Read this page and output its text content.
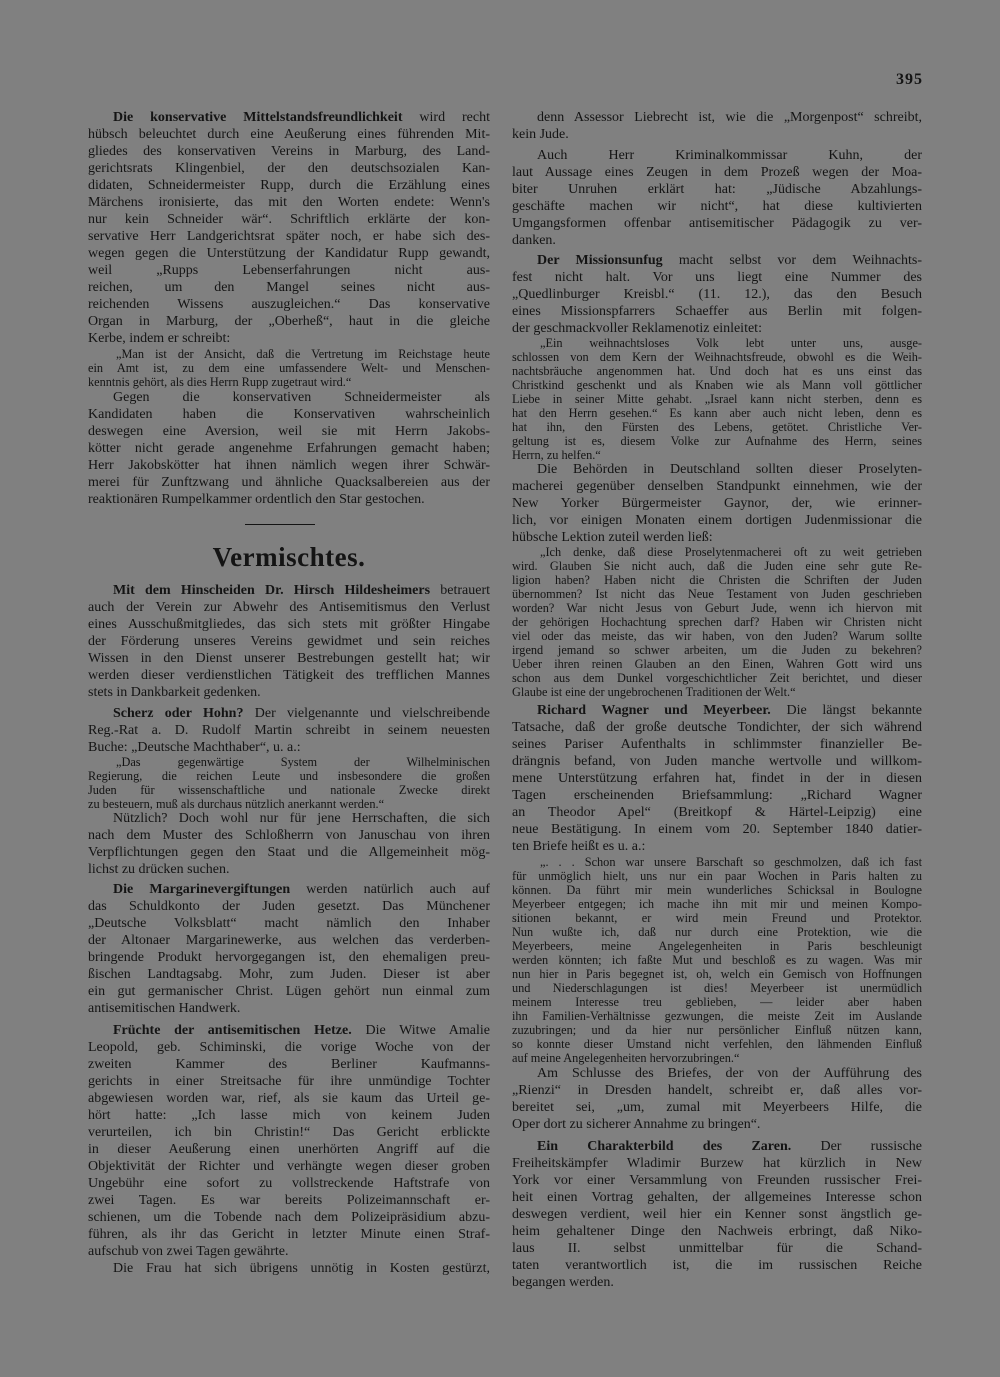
395
Die konservative Mittelstandsfreundlichkeit wird recht
hübsch beleuchtet durch eine Aeußerung eines führenden Mit-
gliedes des konservativen Vereins in Marburg, des Land-
gerichtsrats Klingenbiel, der den deutschsozialen Kan-
didaten, Schneidermeister Rupp, durch die Erzählung eines
Märchens ironisierte, das mit den Worten endete: Wenn's
nur kein Schneider wär“. Schriftlich erklärte der kon-
servative Herr Landgerichtsrat später noch, er habe sich des-
wegen gegen die Unterstützung der Kandidatur Rupp gewandt,
weil „Rupps Lebenserfahrungen nicht aus-
reichen, um den Mangel seines nicht aus-
reichenden Wissens auszugleichen.“ Das konservative
Organ in Marburg, der „Oberheß“, haut in die gleiche
Kerbe, indem er schreibt:
„Man ist der Ansicht, daß die Vertretung im Reichstage heute
ein Amt ist, zu dem eine umfassendere Welt- und Menschen-
kenntnis gehört, als dies Herrn Rupp zugetraut wird.“
Gegen die konservativen Schneidermeister als
Kandidaten haben die Konservativen wahrscheinlich
deswegen eine Aversion, weil sie mit Herrn Jakobs-
kötter nicht gerade angenehme Erfahrungen gemacht haben;
Herr Jakobskötter hat ihnen nämlich wegen ihrer Schwär-
merei für Zunftzwang und ähnliche Quacksalbereien aus der
reaktionären Rumpelkammer ordentlich den Star gestochen.
Vermischtes.
Mit dem Hinscheiden Dr. Hirsch Hildesheimers betrauert
auch der Verein zur Abwehr des Antisemitismus den Verlust
eines Ausschußmitgliedes, das sich stets mit größter Hingabe
der Förderung unseres Vereins gewidmet und sein reiches
Wissen in den Dienst unserer Bestrebungen gestellt hat; wir
werden dieser verdienstlichen Tätigkeit des trefflichen Mannes
stets in Dankbarkeit gedenken.
Scherz oder Hohn? Der vielgenannte und vielschreibende
Reg.-Rat a. D. Rudolf Martin schreibt in seinem neuesten
Buche: „Deutsche Machthaber“, u. a.:
„Das gegenwärtige System der Wilhelminischen
Regierung, die reichen Leute und insbesondere die großen
Juden für wissenschaftliche und nationale Zwecke direkt
zu besteuern, muß als durchaus nützlich anerkannt werden.“
Nützlich? Doch wohl nur für jene Herrschaften, die sich
nach dem Muster des Schloßherrn von Januschau von ihren
Verpflichtungen gegen den Staat und die Allgemeinheit mög-
lichst zu drücken suchen.
Die Margarinevergiftungen werden natürlich auch auf
das Schuldkonto der Juden gesetzt. Das Münchener
„Deutsche Volksblatt“ macht nämlich den Inhaber
der Altonaer Margarinewerke, aus welchen das verderben-
bringende Produkt hervorgegangen ist, den ehemaligen preu-
ßischen Landtagsabg. Mohr, zum Juden. Dieser ist aber
ein gut germanischer Christ. Lügen gehört nun einmal zum
antisemitischen Handwerk.
Früchte der antisemitischen Hetze. Die Witwe Amalie
Leopold, geb. Schiminski, die vorige Woche von der
zweiten Kammer des Berliner Kaufmanns-
gerichts in einer Streitsache für ihre unmündige Tochter
abgewiesen worden war, rief, als sie kaum das Urteil ge-
hört hatte: „Ich lasse mich von keinem Juden
verurteilen, ich bin Christin!“ Das Gericht erblickte
in dieser Aeußerung einen unerhörten Angriff auf die
Objektivität der Richter und verhängte wegen dieser groben
Ungebühr eine sofort zu vollstreckende Haftstrafe von
zwei Tagen. Es war bereits Polizeimannschaft er-
schienen, um die Tobende nach dem Polizeipräsidium abzu-
führen, als ihr das Gericht in letzter Minute einen Straf-
aufschub von zwei Tagen gewährte.
Die Frau hat sich übrigens unnötig in Kosten gestürzt,
denn Assessor Liebrecht ist, wie die „Morgenpost“ schreibt,
kein Jude.
Auch Herr Kriminalkommissar Kuhn, der
laut Aussage eines Zeugen in dem Prozeß wegen der Moa-
biter Unruhen erklärt hat: „Jüdische Abzahlungs-
geschäfte machen wir nicht“, hat diese kultivierten
Umgangsformen offenbar antisemitischer Pädagogik zu ver-
danken.
Der Missionsunfug macht selbst vor dem Weihnachts-
fest nicht halt. Vor uns liegt eine Nummer des
„Quedlinburger Kreisbl.“ (11. 12.), das den Besuch
eines Missionspfarrers Schaeffer aus Berlin mit folgen-
der geschmackvoller Reklamenotiz einleitet:
„Ein weihnachtsloses Volk lebt unter uns, ausge-
schlossen von dem Kern der Weihnachtsfreude, obwohl es die Weih-
nachtsbräuche angenommen hat. Und doch hat es uns einst das
Christkind geschenkt und als Knaben wie als Mann voll göttlicher
Liebe in seiner Mitte gehabt. „Israel kann nicht sterben, denn es
hat den Herrn gesehen.“ Es kann aber auch nicht leben, denn es
hat ihn, den Fürsten des Lebens, getötet. Christliche Ver-
geltung ist es, diesem Volke zur Aufnahme des Herrn, seines
Herrn, zu helfen.“
Die Behörden in Deutschland sollten dieser Proselyten-
macherei gegenüber denselben Standpunkt einnehmen, wie der
New Yorker Bürgermeister Gaynor, der, wie erinner-
lich, vor einigen Monaten einem dortigen Judenmissionar die
hübsche Lektion zuteil werden ließ:
„Ich denke, daß diese Proselytenmacherei oft zu weit getrieben
wird. Glauben Sie nicht auch, daß die Juden eine sehr gute Re-
ligion haben? Haben nicht die Christen die Schriften der Juden
übernommen? Ist nicht das Neue Testament von Juden geschrieben
worden? War nicht Jesus von Geburt Jude, wenn ich hiervon mit
der gehörigen Hochachtung sprechen darf? Haben wir Christen nicht
viel oder das meiste, das wir haben, von den Juden? Warum sollte
irgend jemand so schwer arbeiten, um die Juden zu bekehren?
Ueber ihren reinen Glauben an den Einen, Wahren Gott wird uns
schon aus dem Dunkel vorgeschichtlicher Zeit berichtet, und dieser
Glaube ist eine der ungebrochenen Traditionen der Welt.“
Richard Wagner und Meyerbeer. Die längst bekannte
Tatsache, daß der große deutsche Tondichter, der sich während
seines Pariser Aufenthalts in schlimmster finanzieller Be-
drängnis befand, von Juden manche wertvolle und willkom-
mene Unterstützung erfahren hat, findet in der in diesen
Tagen erscheinenden Briefsammlung: „Richard Wagner
an Theodor Apel“ (Breitkopf & Härtel-Leipzig) eine
neue Bestätigung. In einem vom 20. September 1840 datier-
ten Briefe heißt es u. a.:
„. . . Schon war unsere Barschaft so geschmolzen, daß ich fast
für unmöglich hielt, uns nur ein paar Wochen in Paris halten zu
können. Da führt mir mein wunderliches Schicksal in Boulogne
Meyerbeer entgegen; ich mache ihn mit mir und meinen Kompo-
sitionen bekannt, er wird mein Freund und Protektor.
Nun wußte ich, daß nur durch eine Protektion, wie die
Meyerbeers, meine Angelegenheiten in Paris beschleunigt
werden könnten; ich faßte Mut und beschloß es zu wagen. Was mir
nun hier in Paris begegnet ist, oh, welch ein Gemisch von Hoffnungen
und Niederschlagungen ist dies! Meyerbeer ist unermüdlich
meinem Interesse treu geblieben, — leider aber haben
ihn Familien-Verhältnisse gezwungen, die meiste Zeit im Auslande
zuzubringen; und da hier nur persönlicher Einfluß nützen kann,
so konnte dieser Umstand nicht verfehlen, den lähmenden Einfluß
auf meine Angelegenheiten hervorzubringen.“
Am Schlusse des Briefes, der von der Aufführung des
„Rienzi“ in Dresden handelt, schreibt er, daß alles vor-
bereitet sei, „um, zumal mit Meyerbeers Hilfe, die
Oper dort zu sicherer Annahme zu bringen“.
Ein Charakterbild des Zaren. Der russische
Freiheitskämpfer Wladimir Burzew hat kürzlich in New
York vor einer Versammlung von Freunden russischer Frei-
heit einen Vortrag gehalten, der allgemeines Interesse schon
deswegen verdient, weil hier ein Kenner sonst ängstlich ge-
heim gehaltener Dinge den Nachweis erbringt, daß Niko-
laus II. selbst unmittelbar für die Schand-
taten verantwortlich ist, die im russischen Reiche
begangen werden.
